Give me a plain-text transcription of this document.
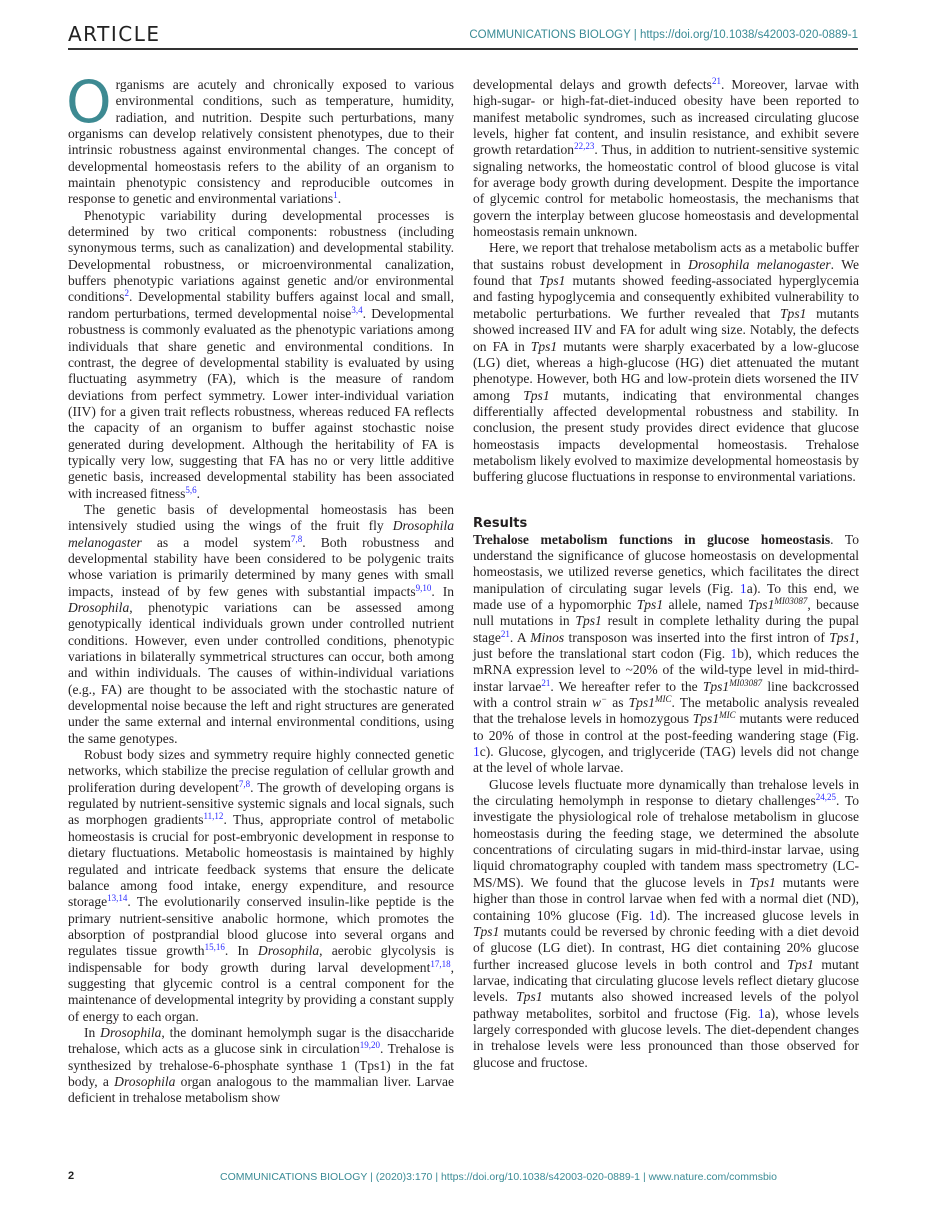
ARTICLE	COMMUNICATIONS BIOLOGY | https://doi.org/10.1038/s42003-020-0889-1

Organisms are acutely and chronically exposed to various environmental conditions, such as temperature, humidity, radiation, and nutrition. Despite such perturbations, many organisms can develop relatively consistent phenotypes, due to their intrinsic robustness against environmental changes. The concept of developmental homeostasis refers to the ability of an organism to maintain phenotypic consistency and reproducible outcomes in response to genetic and environmental variations$^1$.

Phenotypic variability during developmental processes is determined by two critical components: robustness (including synonymous terms, such as canalization) and developmental stability. Developmental robustness, or microenvironmental canalization, buffers phenotypic variations against genetic and/or environmental conditions$^2$. Developmental stability buffers against local and small, random perturbations, termed developmental noise$^{3,4}$. Developmental robustness is commonly evaluated as the phenotypic variations among individuals that share genetic and environmental conditions. In contrast, the degree of developmental stability is evaluated by using fluctuating asymmetry (FA), which is the measure of random deviations from perfect symmetry. Lower inter-individual variation (IIV) for a given trait reflects robustness, whereas reduced FA reflects the capacity of an organism to buffer against stochastic noise generated during development. Although the heritability of FA is typically very low, suggesting that FA has no or very little additive genetic basis, increased developmental stability has been associated with increased fitness$^{5,6}$.

The genetic basis of developmental homeostasis has been intensively studied using the wings of the fruit fly Drosophila melanogaster as a model system$^{7,8}$. Both robustness and developmental stability have been considered to be polygenic traits whose variation is primarily determined by many genes with small impacts, instead of by few genes with substantial impacts$^{9,10}$. In Drosophila, phenotypic variations can be assessed among genotypically identical individuals grown under controlled nutrient conditions. However, even under controlled conditions, phenotypic variations in bilaterally symmetrical structures can occur, both among and within individuals. The causes of within-individual variations (e.g., FA) are thought to be associated with the stochastic nature of developmental noise because the left and right structures are generated under the same external and internal environmental conditions, using the same genotypes.

Robust body sizes and symmetry require highly connected genetic networks, which stabilize the precise regulation of cellular growth and proliferation during developent$^{7,8}$. The growth of developing organs is regulated by nutrient-sensitive systemic signals and local signals, such as morphogen gradients$^{11,12}$. Thus, appropriate control of metabolic homeostasis is crucial for post-embryonic development in response to dietary fluctuations. Metabolic homeostasis is maintained by highly regulated and intricate feedback systems that ensure the delicate balance among food intake, energy expenditure, and resource storage$^{13,14}$. The evolutionarily conserved insulin-like peptide is the primary nutrient-sensitive anabolic hormone, which promotes the absorption of postprandial blood glucose into several organs and regulates tissue growth$^{15,16}$. In Drosophila, aerobic glycolysis is indispensable for body growth during larval development$^{17,18}$, suggesting that glycemic control is a central component for the maintenance of developmental integrity by providing a constant supply of energy to each organ.

In Drosophila, the dominant hemolymph sugar is the disaccharide trehalose, which acts as a glucose sink in circulation$^{19,20}$. Trehalose is synthesized by trehalose-6-phosphate synthase 1 (Tps1) in the fat body, a Drosophila organ analogous to the mammalian liver. Larvae deficient in trehalose metabolism show

developmental delays and growth defects$^{21}$. Moreover, larvae with high-sugar- or high-fat-diet-induced obesity have been reported to manifest metabolic syndromes, such as increased circulating glucose levels, higher fat content, and insulin resistance, and exhibit severe growth retardation$^{22,23}$. Thus, in addition to nutrient-sensitive systemic signaling networks, the homeostatic control of blood glucose is vital for average body growth during development. Despite the importance of glycemic control for metabolic homeostasis, the mechanisms that govern the interplay between glucose homeostasis and developmental homeostasis remain unknown.

Here, we report that trehalose metabolism acts as a metabolic buffer that sustains robust development in Drosophila melanogaster. We found that Tps1 mutants showed feeding-associated hyperglycemia and fasting hypoglycemia and consequently exhibited vulnerability to metabolic perturbations. We further revealed that Tps1 mutants showed increased IIV and FA for adult wing size. Notably, the defects on FA in Tps1 mutants were sharply exacerbated by a low-glucose (LG) diet, whereas a high-glucose (HG) diet attenuated the mutant phenotype. However, both HG and low-protein diets worsened the IIV among Tps1 mutants, indicating that environmental changes differentially affected developmental robustness and stability. In conclusion, the present study provides direct evidence that glucose homeostasis impacts developmental homeostasis. Trehalose metabolism likely evolved to maximize developmental homeostasis by buffering glucose fluctuations in response to environmental variations.

Results

Trehalose metabolism functions in glucose homeostasis. To understand the significance of glucose homeostasis on developmental homeostasis, we utilized reverse genetics, which facilitates the direct manipulation of circulating sugar levels (Fig. 1a). To this end, we made use of a hypomorphic Tps1 allele, named $Tps1^{MI03087}$, because null mutations in Tps1 result in complete lethality during the pupal stage$^{21}$. A Minos transposon was inserted into the first intron of Tps1, just before the translational start codon (Fig. 1b), which reduces the mRNA expression level to ~20% of the wild-type level in mid-third-instar larvae$^{21}$. We hereafter refer to the $Tps1^{MI03087}$ line backcrossed with a control strain w− as $Tps1^{MIC}$. The metabolic analysis revealed that the trehalose levels in homozygous $Tps1^{MIC}$ mutants were reduced to 20% of those in control at the post-feeding wandering stage (Fig. 1c). Glucose, glycogen, and triglyceride (TAG) levels did not change at the level of whole larvae.

Glucose levels fluctuate more dynamically than trehalose levels in the circulating hemolymph in response to dietary challenges$^{24,25}$. To investigate the physiological role of trehalose metabolism in glucose homeostasis during the feeding stage, we determined the absolute concentrations of circulating sugars in mid-third-instar larvae, using liquid chromatography coupled with tandem mass spectrometry (LC-MS/MS). We found that the glucose levels in Tps1 mutants were higher than those in control larvae when fed with a normal diet (ND), containing 10% glucose (Fig. 1d). The increased glucose levels in Tps1 mutants could be reversed by chronic feeding with a diet devoid of glucose (LG diet). In contrast, HG diet containing 20% glucose further increased glucose levels in both control and Tps1 mutant larvae, indicating that circulating glucose levels reflect dietary glucose levels. Tps1 mutants also showed increased levels of the polyol pathway metabolites, sorbitol and fructose (Fig. 1a), whose levels largely corresponded with glucose levels. The diet-dependent changes in trehalose levels were less pronounced than those observed for glucose and fructose.

2	COMMUNICATIONS BIOLOGY | (2020)3:170 | https://doi.org/10.1038/s42003-020-0889-1 | www.nature.com/commsbio
